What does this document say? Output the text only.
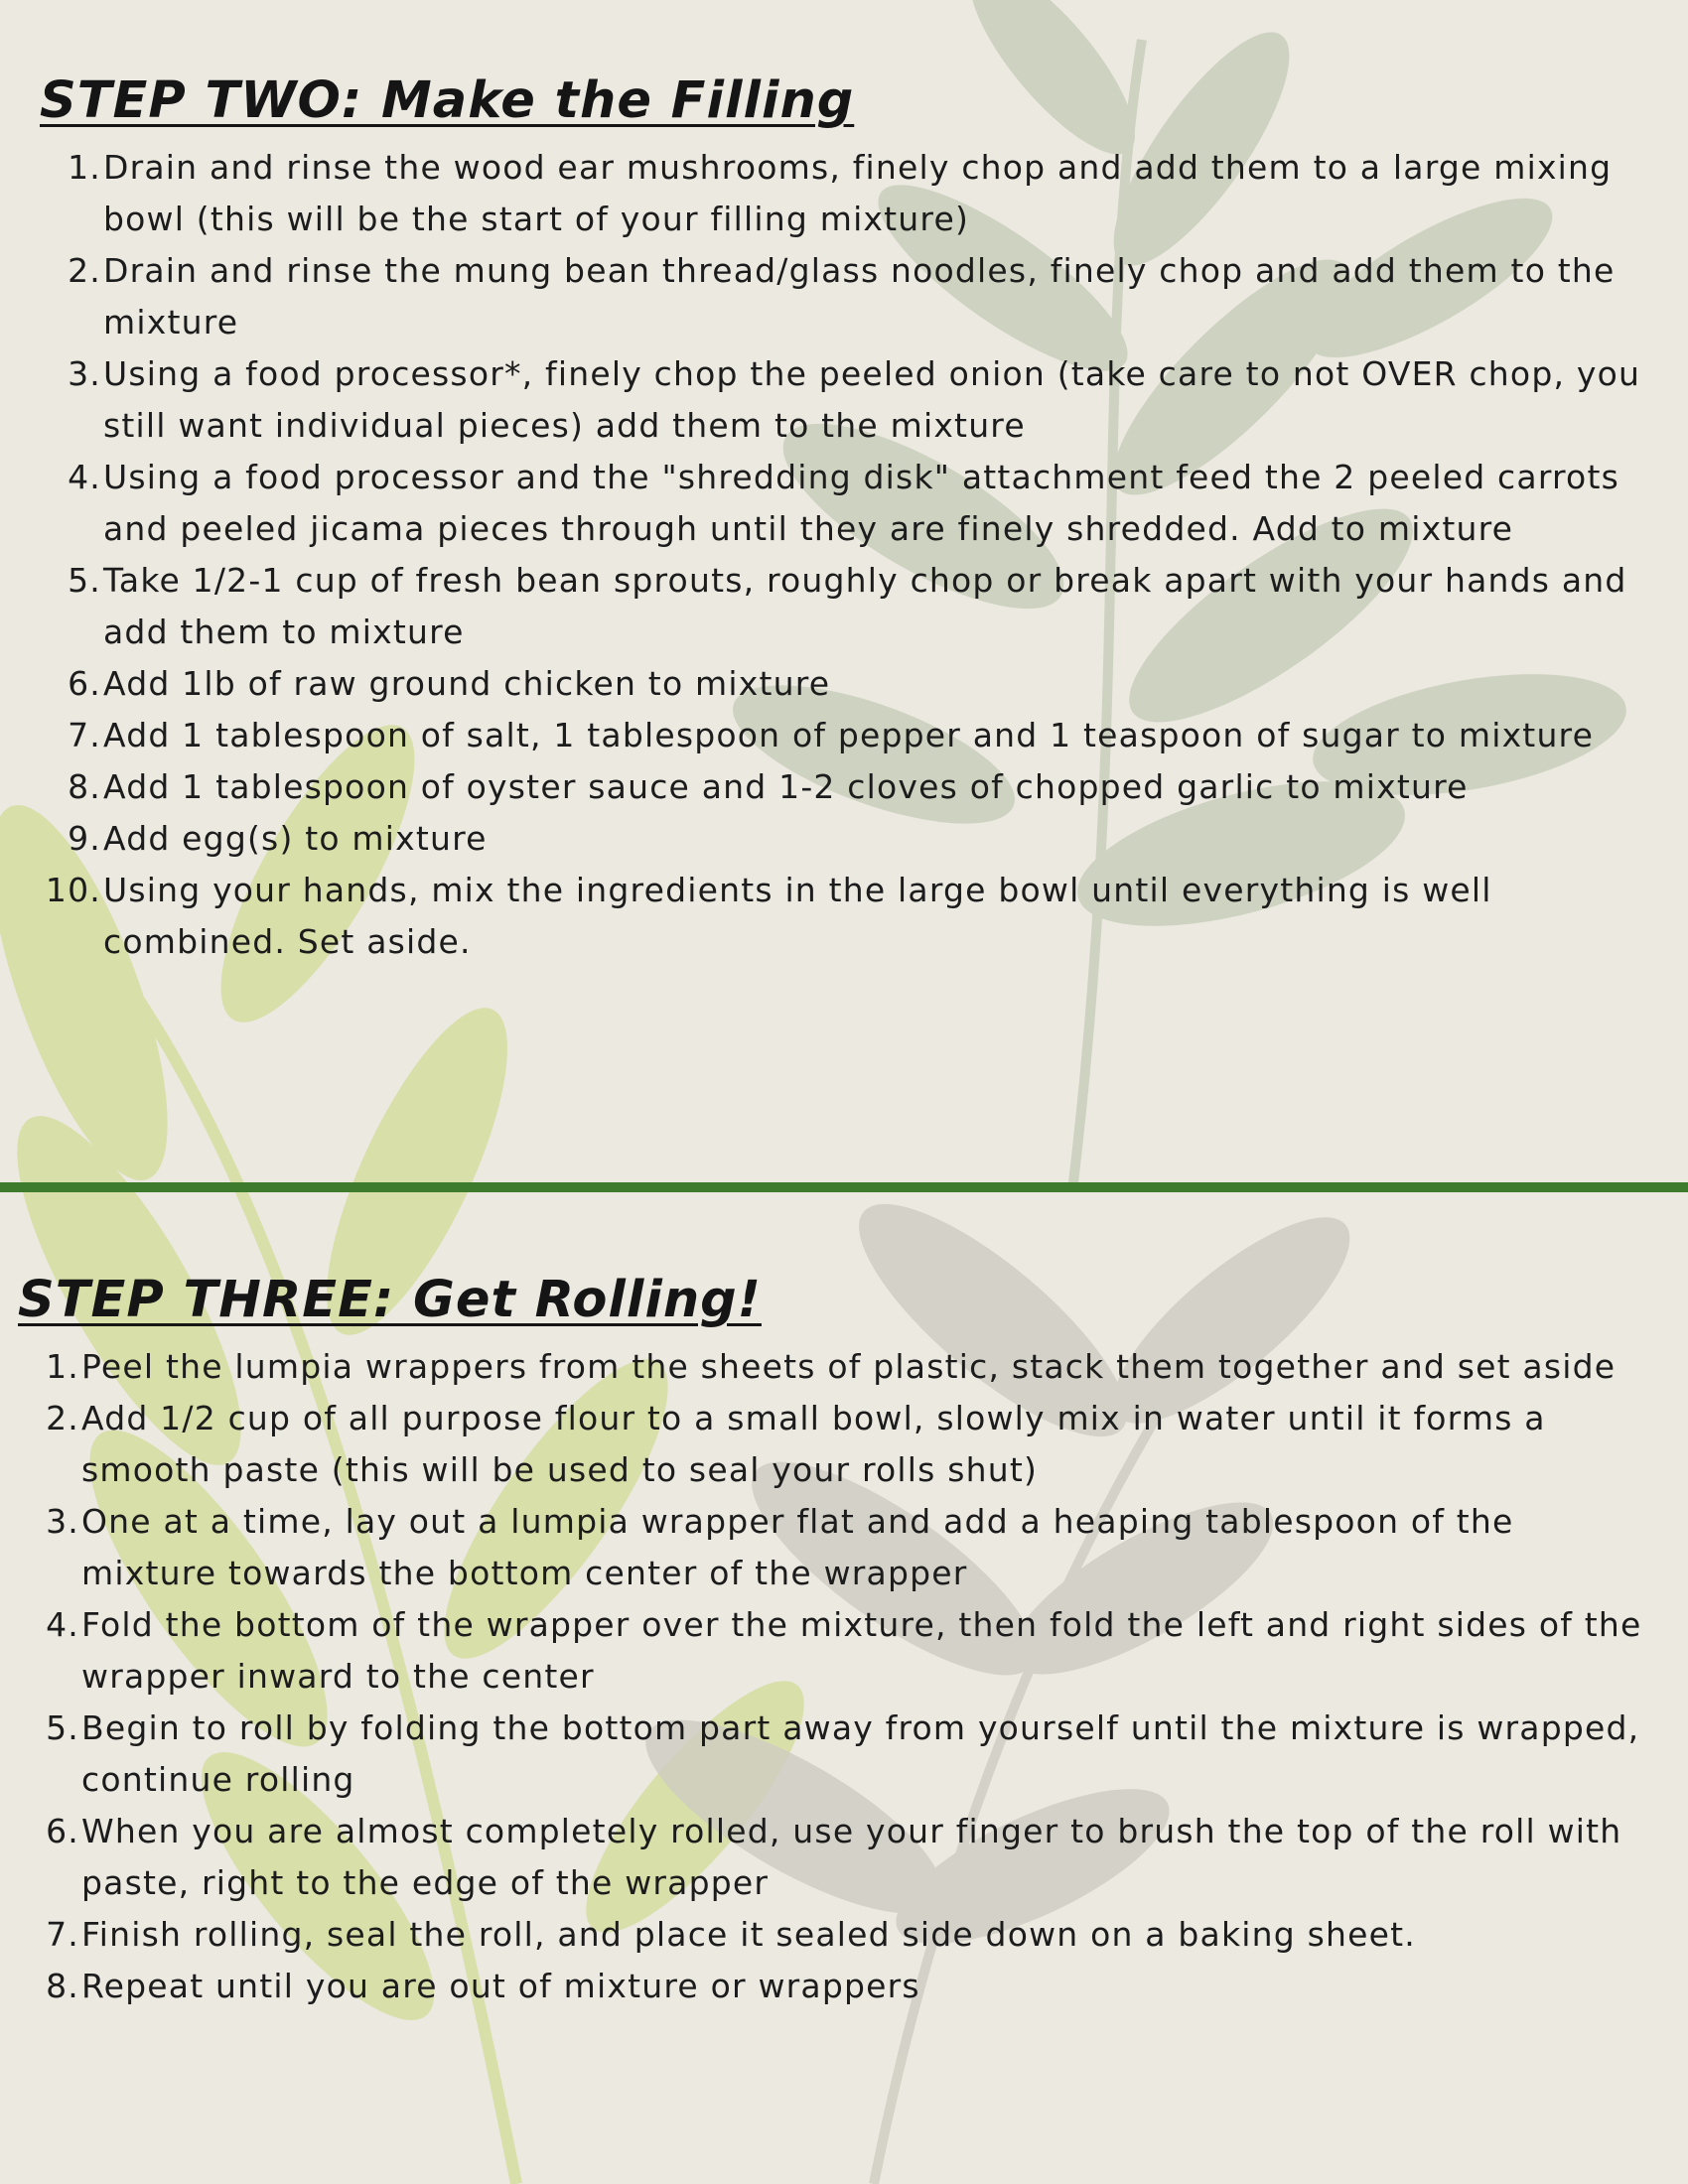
STEP TWO: Make the Filling
1. Drain and rinse the wood ear mushrooms, finely chop and add them to a large mixing bowl (this will be the start of your filling mixture)
2. Drain and rinse the mung bean thread/glass noodles, finely chop and add them to the mixture
3. Using a food processor*, finely chop the peeled onion (take care to not OVER chop, you still want individual pieces) add them to the mixture
4. Using a food processor and the "shredding disk" attachment feed the 2 peeled carrots and peeled jicama pieces through until they are finely shredded. Add to mixture
5. Take 1/2-1 cup of fresh bean sprouts, roughly chop or break apart with your hands and add them to mixture
6. Add 1lb of raw ground chicken to mixture
7. Add 1 tablespoon of salt, 1 tablespoon of pepper and 1 teaspoon of sugar to mixture
8. Add 1 tablespoon of oyster sauce and 1-2 cloves of chopped garlic to mixture
9. Add egg(s) to mixture
10. Using your hands, mix the ingredients in the large bowl until everything is well combined. Set aside.
STEP THREE: Get Rolling!
1. Peel the lumpia wrappers from the sheets of plastic, stack them together and set aside
2. Add 1/2 cup of all purpose flour to a small bowl, slowly mix in water until it forms a smooth paste (this will be used to seal your rolls shut)
3. One at a time, lay out a lumpia wrapper flat and add a heaping tablespoon of the mixture towards the bottom center of the wrapper
4. Fold the bottom of the wrapper over the mixture, then fold the left and right sides of the wrapper inward to the center
5. Begin to roll by folding the bottom part away from yourself until the mixture is wrapped, continue rolling
6. When you are almost completely rolled, use your finger to brush the top of the roll with paste, right to the edge of the wrapper
7. Finish rolling, seal the roll, and place it sealed side down on a baking sheet.
8. Repeat until you are out of mixture or wrappers
